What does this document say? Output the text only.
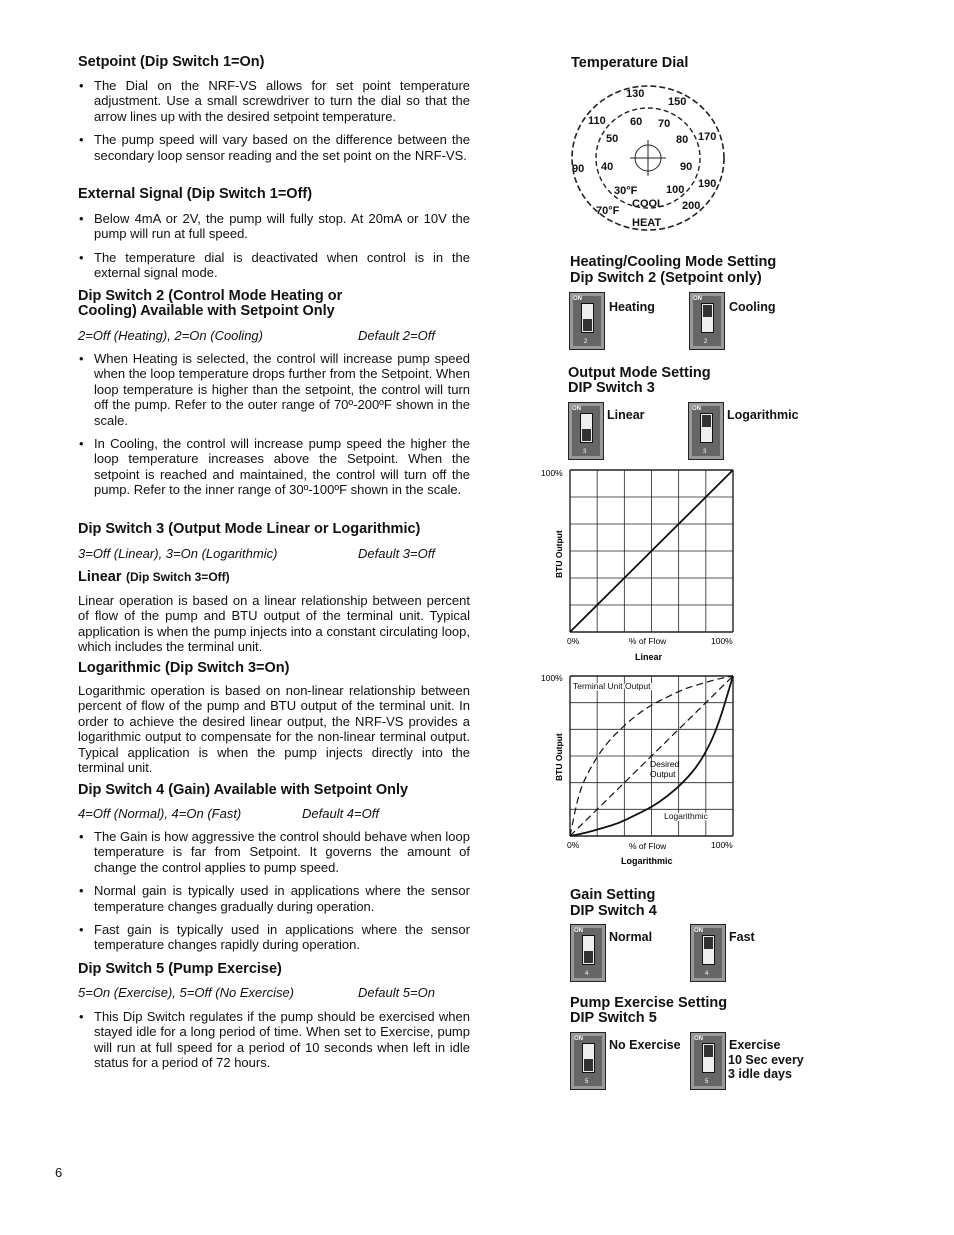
Setpoint (Dip Switch 1=On)
• The Dial on the NRF-VS allows for set point temperature adjustment. Use a small screwdriver to turn the dial so that the arrow lines up with the desired setpoint temperature.
• The pump speed will vary based on the difference between the secondary loop sensor reading and the set point on the NRF-VS.
External Signal (Dip Switch 1=Off)
• Below 4mA or 2V, the pump will fully stop. At 20mA or 10V the pump will run at full speed.
• The temperature dial is deactivated when control is in the external signal mode.
Dip Switch 2 (Control Mode Heating or
Cooling) Available with Setpoint Only
2=Off (Heating), 2=On (Cooling)	Default 2=Off
• When Heating is selected, the control will increase pump speed when the loop temperature drops further from the Setpoint. When loop temperature is higher than the setpoint, the control will turn off the pump. Refer to the outer range of 70º-200ºF shown in the scale.
• In Cooling, the control will increase pump speed the higher the loop temperature increases above the Setpoint. When the setpoint is reached and maintained, the control will turn off the pump. Refer to the inner range of 30º-100ºF shown in the scale.
Dip Switch 3 (Output Mode Linear or Logarithmic)
3=Off (Linear), 3=On (Logarithmic)	Default 3=Off
Linear (Dip Switch 3=Off)
Linear operation is based on a linear relationship between percent of flow of the pump and BTU output of the terminal unit. Typical application is when the pump injects into a constant circulating loop, which includes the terminal unit.
Logarithmic (Dip Switch 3=On)
Logarithmic operation is based on non-linear relationship between percent of flow of the pump and BTU output of the terminal unit. In order to achieve the desired linear output, the NRF-VS provides a logarithmic output to compensate for the non-linear terminal output. Typical application is when the pump injects directly into the terminal unit.
Dip Switch 4 (Gain) Available with Setpoint Only
4=Off (Normal), 4=On (Fast)	Default 4=Off
• The Gain is how aggressive the control should behave when loop temperature is far from Setpoint. It governs the amount of change the control applies to pump speed.
• Normal gain is typically used in applications where the sensor temperature changes gradually during operation.
• Fast gain is typically used in applications where the sensor temperature changes rapidly during operation.
Dip Switch 5 (Pump Exercise)
5=On (Exercise), 5=Off (No Exercise)	Default 5=On
• This Dip Switch regulates if the pump should be exercised when stayed idle for a long period of time. When set to Exercise, pump will run at full speed for a period of 10 seconds when left in idle status for a period of 72 hours.
6
Temperature Dial
130
150
110
170
90
190
70°F	200
60 70
50	80
40	90
30°F	100
COOL
HEAT
Heating/Cooling Mode Setting
Dip Switch 2 (Setpoint only)
ON
2
Heating
ON
2
Cooling
Output Mode Setting
DIP Switch 3
ON
3
Linear	ON
3
Logarithmic
100%
0%	100%
% of Flow
Linear
BTU Output
100%
0%	100%
% of Flow
Logarithmic
BTU Output
Terminal Unit Output
Desired
Output
Logarithmic
Gain Setting
DIP Switch 4
ON
4
Normal	ON
4
Fast
Pump Exercise Setting
DIP Switch 5
ON
5
No Exercise ON
5
Exercise
10 Sec every
3 idle days
